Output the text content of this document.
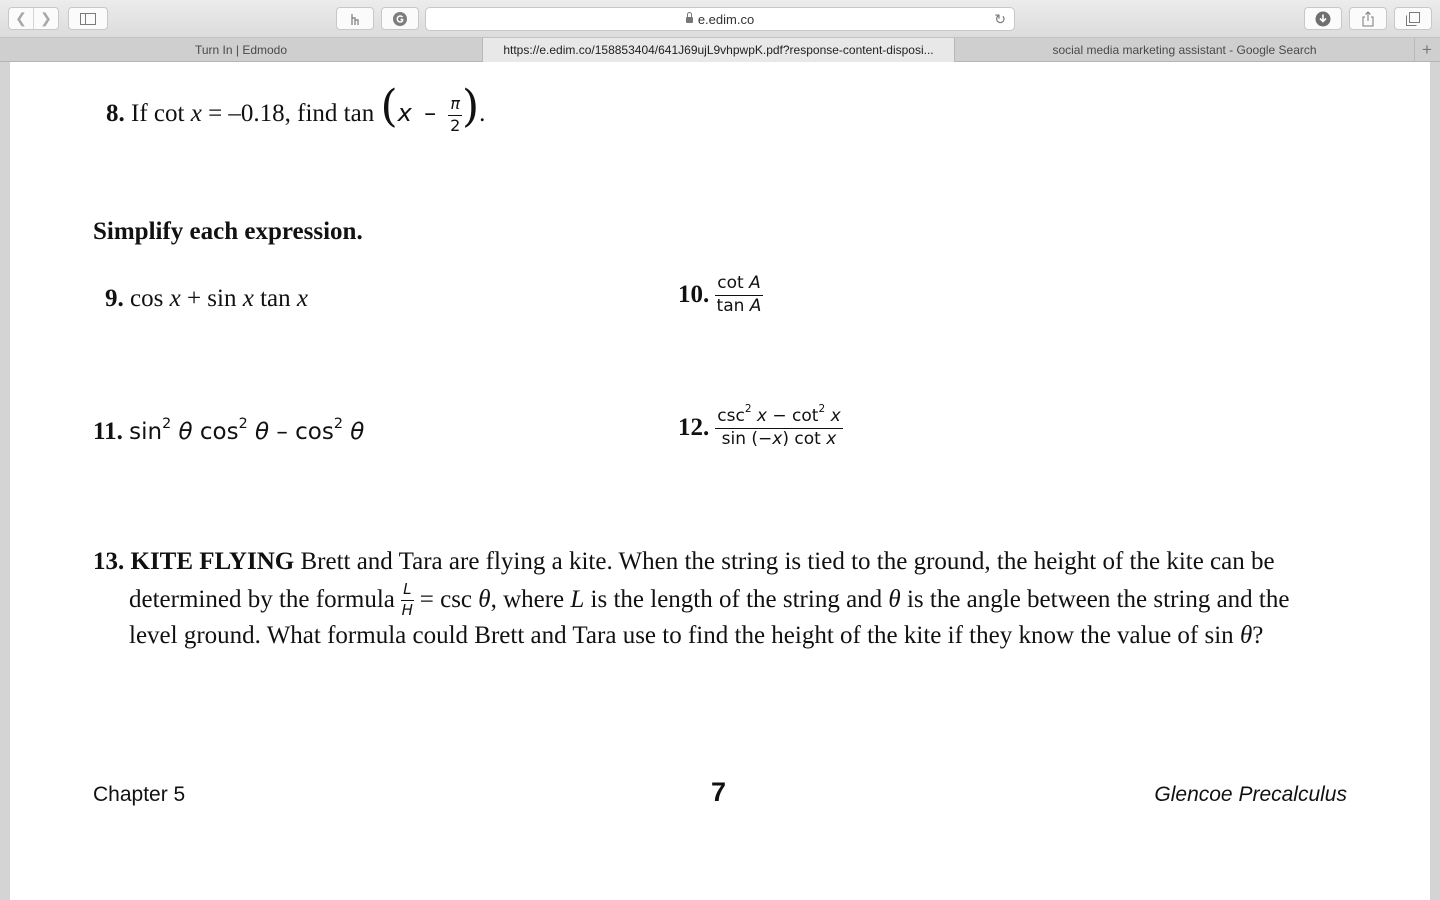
❮ ❯	e.edim.co	↻
Turn In | Edmodo	https://e.edim.co/158853404/641J69ujL9vhpwpK.pdf?response-content-disposi...	social media marketing assistant - Google Search	+
8. If cot x = –0.18, find $\tan (x - \frac{\pi}{2}$ ).
Simplify each expression.
9. cos x + sin x tan x	10. $\frac{\text{cot A}}{\text{tan A}}$
11. $\sin^2 \theta$ $\cos^2 \theta - \cos^2 \theta$	12. $\frac{\csc^2 x - \cot^2 x}{\text{sin (−x) cot x}}$
13. KITE FLYING Brett and Tara are flying a kite. When the string is tied to the ground, the height of the kite can be
determined by the formula
$\frac{L}{H}$
= csc
θ , where
L
is the length of the string and
θ
is the angle between the string and the
level ground. What formula could Brett and Tara use to find the height of the kite if they know the value of sin θ?
Chapter 5	7	Glencoe Precalculus
